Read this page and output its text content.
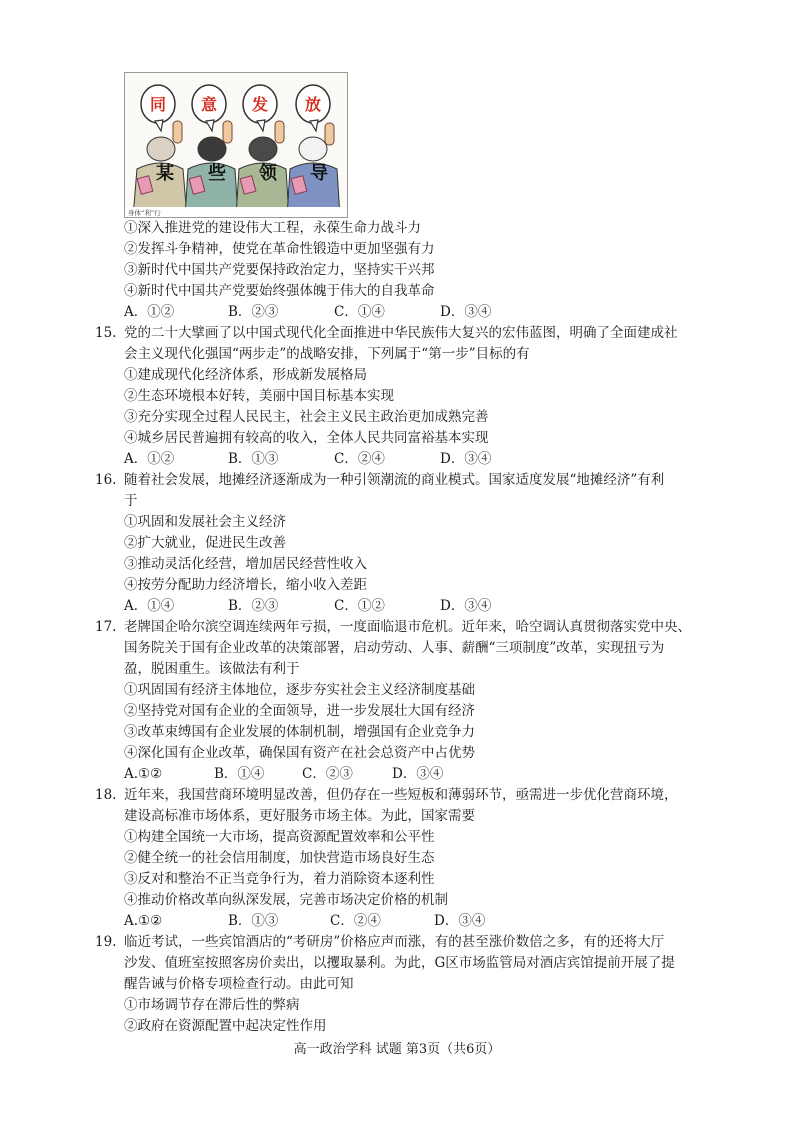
同 意 发 放
某 些 领 导
身体“利”行
①深入推进党的建设伟大工程，永葆生命力战斗力
②发挥斗争精神，使党在革命性锻造中更加坚强有力
③新时代中国共产党要保持政治定力，坚持实干兴邦
④新时代中国共产党要始终强体魄于伟大的自我革命
A．①②	B．②③	C．①④	D．③④
15. 党的二十大擘画了以中国式现代化全面推进中华民族伟大复兴的宏伟蓝图，明确了全面建成社
会主义现代化强国“两步走”的战略安排，下列属于“第一步”目标的有
①建成现代化经济体系，形成新发展格局
②生态环境根本好转，美丽中国目标基本实现
③充分实现全过程人民民主，社会主义民主政治更加成熟完善
④城乡居民普遍拥有较高的收入，全体人民共同富裕基本实现
A．①②	B．①③	C．②④	D．③④
16. 随着社会发展，地摊经济逐渐成为一种引领潮流的商业模式。国家适度发展“地摊经济”有利
于
①巩固和发展社会主义经济
②扩大就业，促进民生改善
③推动灵活化经营，增加居民经营性收入
④按劳分配助力经济增长，缩小收入差距
A．①④	B．②③	C．①②	D．③④
17. 老牌国企哈尔滨空调连续两年亏损，一度面临退市危机。近年来，哈空调认真贯彻落实党中央、
国务院关于国有企业改革的决策部署，启动劳动、人事、薪酬“三项制度”改革，实现扭亏为
盈，脱困重生。该做法有利于
①巩固国有经济主体地位，逐步夯实社会主义经济制度基础
②坚持党对国有企业的全面领导，进一步发展壮大国有经济
③改革束缚国有企业发展的体制机制，增强国有企业竞争力
④深化国有企业改革，确保国有资产在社会总资产中占优势
A.①②	B．①④	C．②③	D．③④
18. 近年来，我国营商环境明显改善，但仍存在一些短板和薄弱环节，亟需进一步优化营商环境，
建设高标准市场体系，更好服务市场主体。为此，国家需要
①构建全国统一大市场，提高资源配置效率和公平性
②健全统一的社会信用制度，加快营造市场良好生态
③反对和整治不正当竞争行为，着力消除资本逐利性
④推动价格改革向纵深发展，完善市场决定价格的机制
A.①②	B．①③	C．②④	D．③④
19. 临近考试，一些宾馆酒店的“考研房”价格应声而涨，有的甚至涨价数倍之多，有的还将大厅
沙发、值班室按照客房价卖出，以攫取暴利。为此，G区市场监管局对酒店宾馆提前开展了提
醒告诫与价格专项检查行动。由此可知
①市场调节存在滞后性的弊病
②政府在资源配置中起决定性作用
高一政治学科 试题 第3页（共6页）
